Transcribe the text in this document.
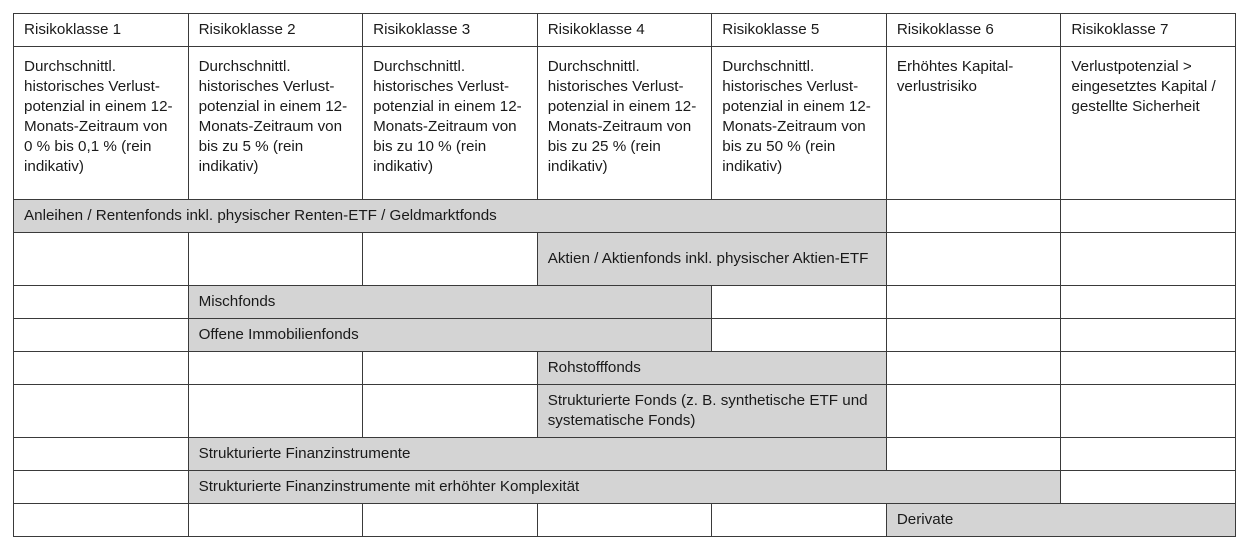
Risikoklasse 1	Risikoklasse 2	Risikoklasse 3	Risikoklasse 4	Risikoklasse 5	Risikoklasse 6	Risikoklasse 7
Durchschnittl. historisches Verlust-potenzial in einem 12-Monats-Zeitraum von 0 % bis 0,1 % (rein indikativ)	Durchschnittl. historisches Verlust-potenzial in einem 12-Monats-Zeitraum von bis zu 5 % (rein indikativ)	Durchschnittl. historisches Verlust-potenzial in einem 12-Monats-Zeitraum von bis zu 10 % (rein indikativ)	Durchschnittl. historisches Verlust-potenzial in einem 12-Monats-Zeitraum von bis zu 25 % (rein indikativ)	Durchschnittl. historisches Verlust-potenzial in einem 12-Monats-Zeitraum von bis zu 50 % (rein indikativ)	Erhöhtes Kapital-verlustrisiko	Verlustpotenzial > eingesetztes Kapital / gestellte Sicherheit
Anleihen / Rentenfonds inkl. physischer Renten-ETF / Geldmarktfonds						
			Aktien / Aktienfonds inkl. physischer Aktien-ETF			
	Mischfonds					
	Offene Immobilienfonds					
			Rohstofffonds			
			Strukturierte Fonds (z. B. synthetische ETF und systematische Fonds)			
	Strukturierte Finanzinstrumente					
	Strukturierte Finanzinstrumente mit erhöhter Komplexität					
					Derivate	
